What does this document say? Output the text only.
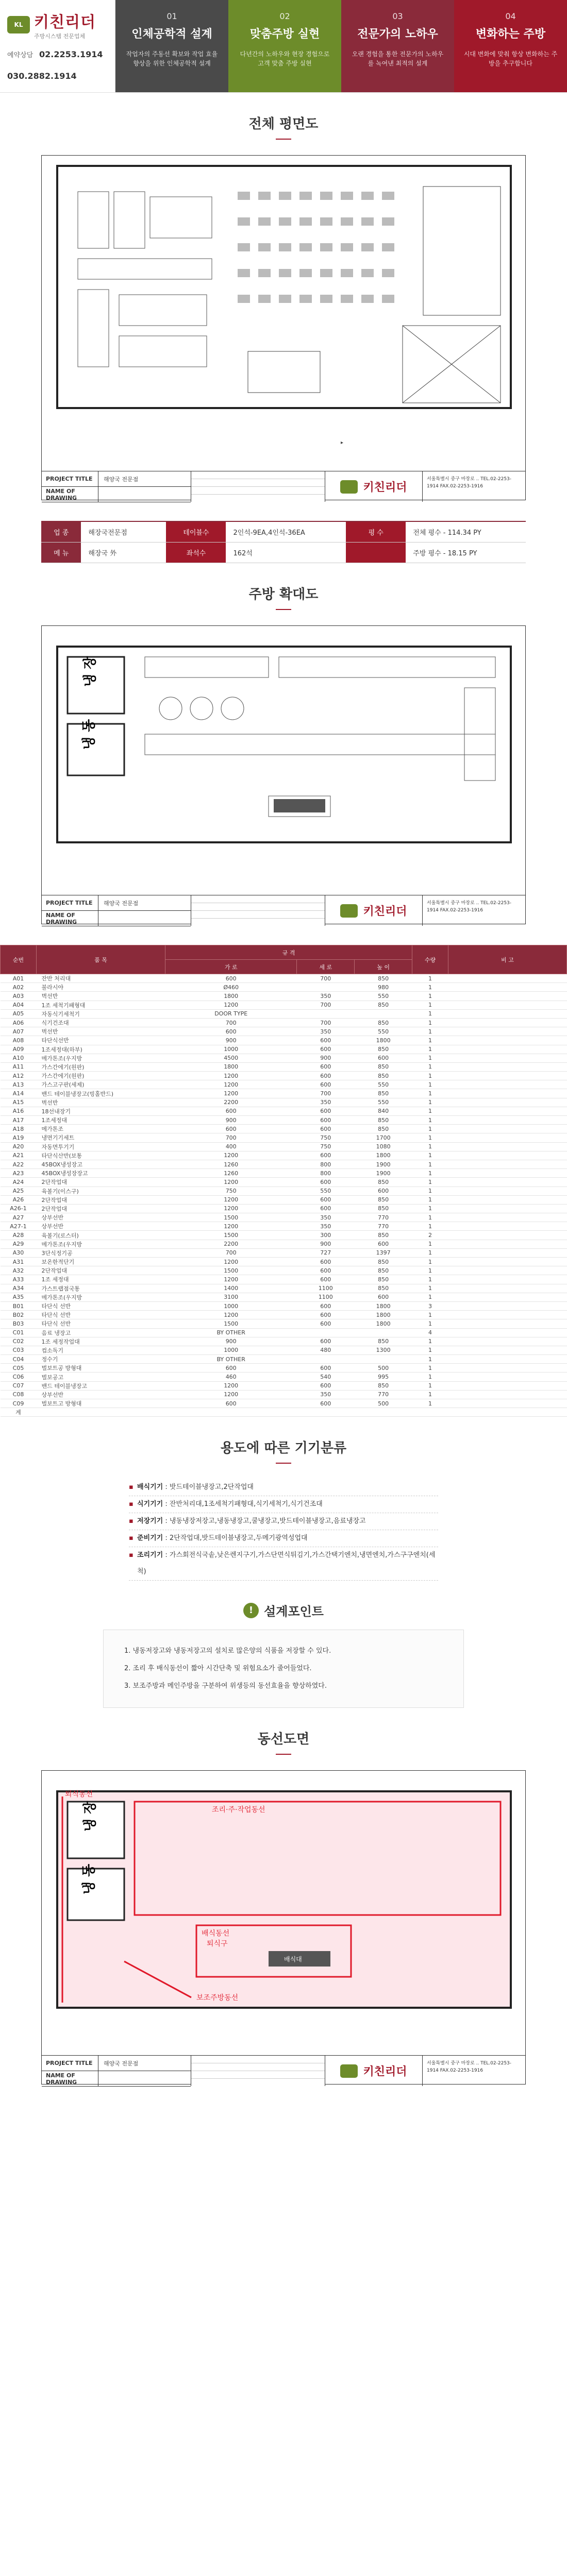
KL 키친리더
주방시스템 전문업체
예약상담 02.2253.1914
030.2882.1914
01
인체공학적 설계
작업자의 주동선 확보와 작업 효율 향상을 위한 인체공학적 설계
02
맞춤주방 실현
다년간의 노하우와 현장 경험으로 고객 맞춤 주방 실현
03
전문가의 노하우
오랜 경험을 통한 전문가의 노하우를 녹여낸 최적의 설계
04
변화하는 주방
시대 변화에 맞춰 항상 변화하는 주방을 추구합니다
전체 평면도
▸
PROJECT TITLE	해양국 전문점
NAME OF DRAWING
키친리더
서울특별시 중구 마장로 .. TEL.02-2253-1914 FAX.02-2253-1916
업 종	해장국전문점	테이블수	2인석-9EA,4인석-36EA	평 수	전체 평수 - 114.34 PY
메 뉴	해장국 外	좌석수	162석	주방 평수 - 18.15 PY
주방 확대도
냉 장
냉 동
PROJECT TITLE	해양국 전문점
NAME OF DRAWING
키친리더
서울특별시 중구 마장로 .. TEL.02-2253-1914 FAX.02-2253-1916
순번	품 목	규 격			수량	비 고
		가 로	세 로	높 이		
A01	잔반 처리대	600	700	850	1	
A02	불라시야	Ø460		980	1	
A03	벽선반	1800	350	550	1	
A04	1조 세척기패형대	1200	700	850	1	
A05	자동식기세척기	DOOR TYPE			1	
A06	식기건조대	700	700	850	1	
A07	벽선반	600	350	550	1	
A08	타단식선반	900	600	1800	1	
A09	1조세정대(하부)	1000	600	850	1	
A10	메가톤조(우지방	4500	900	600	1	
A11	가스간에기(원판)	1800	600	850	1	
A12	가스간에기(원판)	1200	600	850	1	
A13	가스고구판(세제)	1200	600	550	1	
A14	밴드 테이블냉장고(빙홀반드)	1200	700	850	1	
A15	벽선반	2200	350	550	1	
A16	18선내장기	600	600	840	1	
A17	1조세정대	900	600	850	1	
A18	메가톤조	600	600	850	1	
A19	냉면기기세트	700	750	1700	1	
A20	자동면투기기	400	750	1080	1	
A21	타단식산반(보통	1200	600	1800	1	
A22	45BOX냉성장고	1260	800	1900	1	
A23	45BOX냉성장장고	1260	800	1900	1	
A24	2단작업대	1200	600	850	1	
A25	육볼기(이스구)	750	550	600	1	
A26	2단작업대	1200	600	850	1	
A26-1	2단작업대	1200	600	850	1	
A27	상부선반	1500	350	770	1	
A27-1	상부선반	1200	350	770	1	
A28	육볼기(로스터)	1500	300	850	2	
A29	메가톤조(우지방	2200	900	600	1	
A30	3단식정기공	700	727	1397	1	
A31	보온한적단기	1200	600	850	1	
A32	2단작업대	1500	600	850	1	
A33	1조 세정대	1200	600	850	1	
A34	가스트랩점국통	1400	1100	850	1	
A35	메가톤조(우지방	3100	1100	600	1	
B01	타단식 선반	1000	600	1800	3	
B02	타단식 선반	1200	600	1800	1	
B03	타단식 선반	1500	600	1800	1	
C01	음료 냉장고	BY OTHER			4	
C02	1조 세정작업대	900	600	850	1	
C03	컵소독기	1000	480	1300	1	
C04	정수기	BY OTHER			1	
C05	벌보트공 방형대	600	600	500	1	
C06	벌보공고	460	540	995	1	
C07	밴드 테이블냉장고	1200	600	850	1	
C08	상부선반	1200	350	770	1	
C09	벌보트고 방형대	600	600	500	1	
계						
용도에 따른 기기분류
▪ 배식기기 : 밧드테이블냉장고,2단작업대
▪ 식기기기 : 잔반처리대,1조세척기패형대,식기세척기,식기건조대
▪ 저장기기 : 냉동냉장저장고,냉동냉장고,쿨냉장고,밧드테이블냉장고,음료냉장고
▪ 준비기기 : 2단작업대,밧드테이블냉장고,두메기광역성업대
▪ 조리기기 : 가스회전식국솥,낮은렌지구기,가스단면식튀김기,가스간택기엔치,냉면엔치,가스구구엔치(세척)
! 설계포인트
1. 냉동저장고와 냉동저장고의 설치로 많은양의 식품을 저장할 수 있다.
2. 조리 후 배식동선이 짧아 시간단축 및 위험요소가 줄어들었다.
3. 보조주방과 메인주방을 구분하여 위생등의 동선효율을 향상하였다.
동선도면
냉 장
냉 동
퇴식동선
조리·주·작업동선
배식동선
퇴식구
보조주방동선
배식대
PROJECT TITLE	해양국 전문점
NAME OF DRAWING
키친리더
서울특별시 중구 마장로 .. TEL.02-2253-1914 FAX.02-2253-1916
